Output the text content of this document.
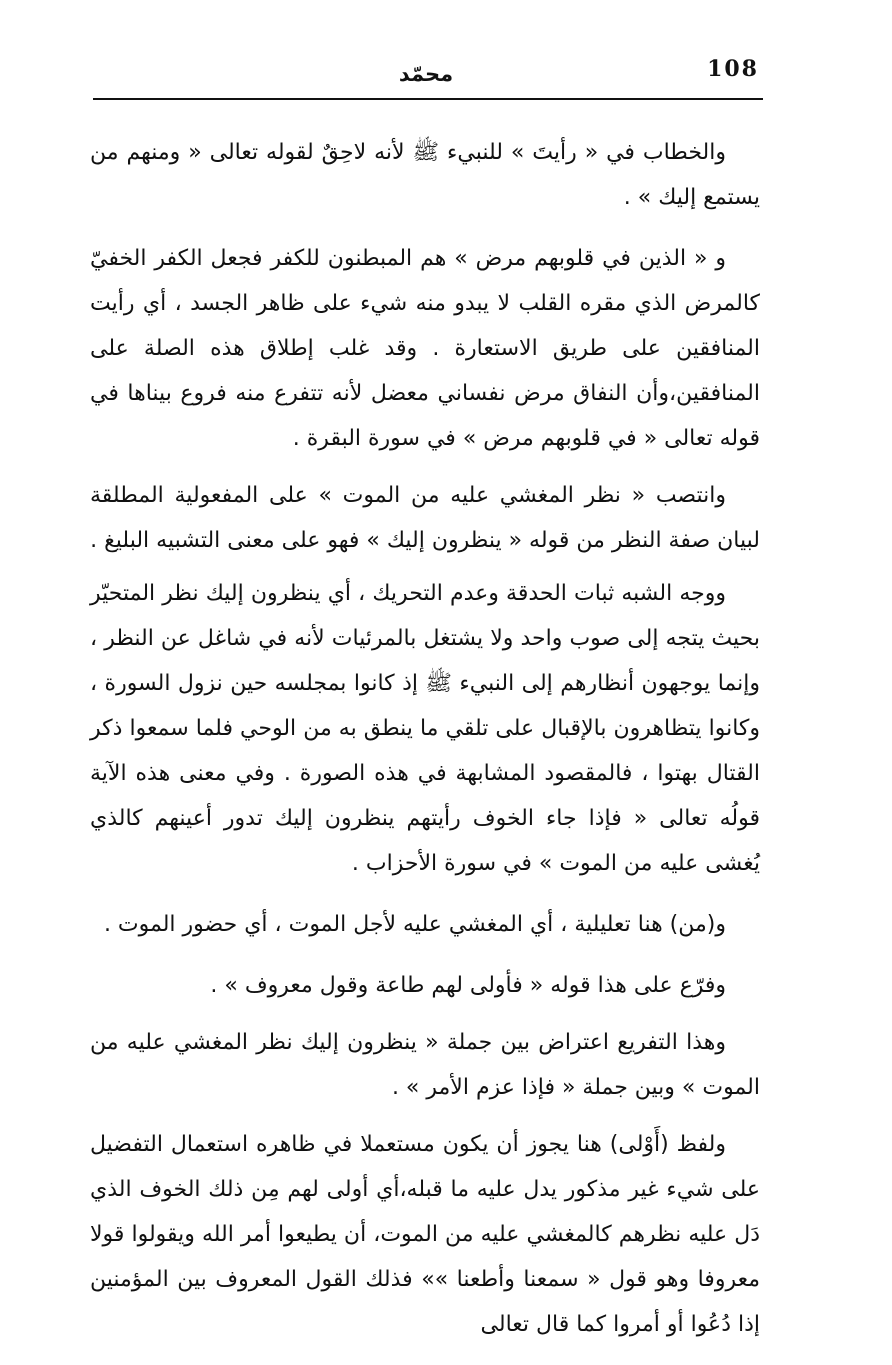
108
محمّد

والخطاب في « رأيتَ » للنبيء ﷺ لأنه لاحِقٌ لقوله تعالى « ومنهم من يستمع إليك » .

و « الذين في قلوبهم مرض » هم المبطنون للكفر فجعل الكفر الخفيّ كالمرض الذي مقره القلب لا يبدو منه شيء على ظاهر الجسد ، أي رأيت المنافقين على طريق الاستعارة . وقد غلب إطلاق هذه الصلة على المنافقين،وأن النفاق مرض نفساني معضل لأنه تتفرع منه فروع بيناها في قوله تعالى « في قلوبهم مرض » في سورة البقرة .

وانتصب « نظر المغشي عليه من الموت » على المفعولية المطلقة لبيان صفة النظر من قوله « ينظرون إليك » فهو على معنى التشبيه البليغ .

ووجه الشبه ثبات الحدقة وعدم التحريك ، أي ينظرون إليك نظر المتحيّر بحيث يتجه إلى صوب واحد ولا يشتغل بالمرئيات لأنه في شاغل عن النظر ، وإنما يوجهون أنظارهم إلى النبيء ﷺ إذ كانوا بمجلسه حين نزول السورة ، وكانوا يتظاهرون بالإقبال على تلقي ما ينطق به من الوحي فلما سمعوا ذكر القتال بهتوا ، فالمقصود المشابهة في هذه الصورة . وفي معنى هذه الآية قولُه تعالى « فإذا جاء الخوف رأيتهم ينظرون إليك تدور أعينهم كالذي يُغشى عليه من الموت » في سورة الأحزاب .

و(من) هنا تعليلية ، أي المغشي عليه لأجل الموت ، أي حضور الموت .

وفرّع على هذا قوله « فأولى لهم طاعة وقول معروف » .

وهذا التفريع اعتراض بين جملة « ينظرون إليك نظر المغشي عليه من الموت » وبين جملة « فإذا عزم الأمر » .

ولفظ (أَوْلى) هنا يجوز أن يكون مستعملا في ظاهره استعمال التفضيل على شيء غير مذكور يدل عليه ما قبله،أي أولى لهم مِن ذلك الخوف الذي دَل عليه نظرهم كالمغشي عليه من الموت، أن يطيعوا أمر الله ويقولوا قولا معروفا وهو قول « سمعنا وأطعنا »» فذلك القول المعروف بين المؤمنين إذا دُعُوا أو أمروا كما قال تعالى
